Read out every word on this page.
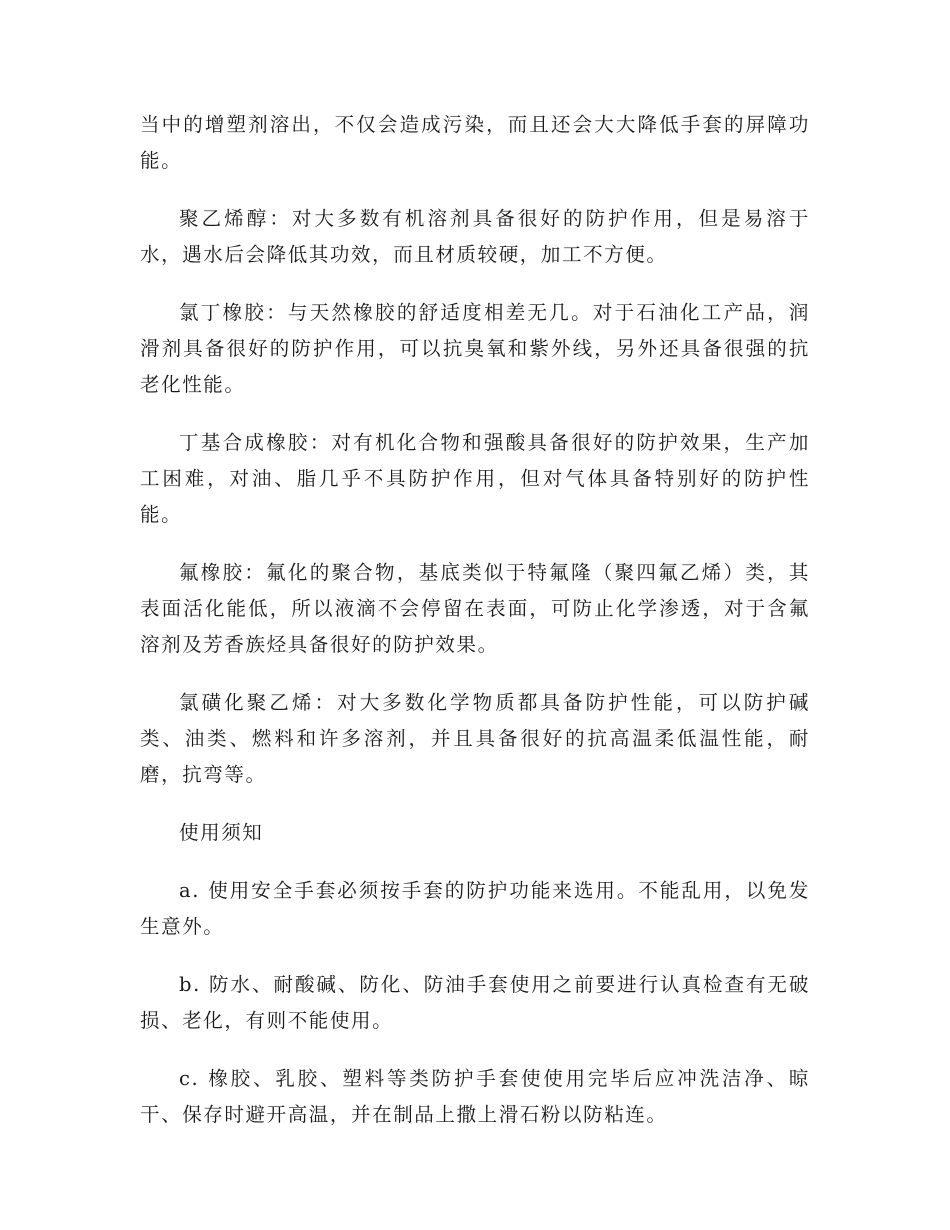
当中的增塑剂溶出，不仅会造成污染，而且还会大大降低手套的屏障功能。

聚乙烯醇：对大多数有机溶剂具备很好的防护作用，但是易溶于水，遇水后会降低其功效，而且材质较硬，加工不方便。

氯丁橡胶：与天然橡胶的舒适度相差无几。对于石油化工产品，润滑剂具备很好的防护作用，可以抗臭氧和紫外线，另外还具备很强的抗老化性能。

丁基合成橡胶：对有机化合物和强酸具备很好的防护效果，生产加工困难，对油、脂几乎不具防护作用，但对气体具备特别好的防护性能。

氟橡胶：氟化的聚合物，基底类似于特氟隆（聚四氟乙烯）类，其表面活化能低，所以液滴不会停留在表面，可防止化学渗透，对于含氟溶剂及芳香族烃具备很好的防护效果。

氯磺化聚乙烯：对大多数化学物质都具备防护性能，可以防护碱类、油类、燃料和许多溶剂，并且具备很好的抗高温柔低温性能，耐磨，抗弯等。

使用须知

a. 使用安全手套必须按手套的防护功能来选用。不能乱用，以免发生意外。

b. 防水、耐酸碱、防化、防油手套使用之前要进行认真检查有无破损、老化，有则不能使用。

c. 橡胶、乳胶、塑料等类防护手套使使用完毕后应冲洗洁净、晾干、保存时避开高温，并在制品上撒上滑石粉以防粘连。
